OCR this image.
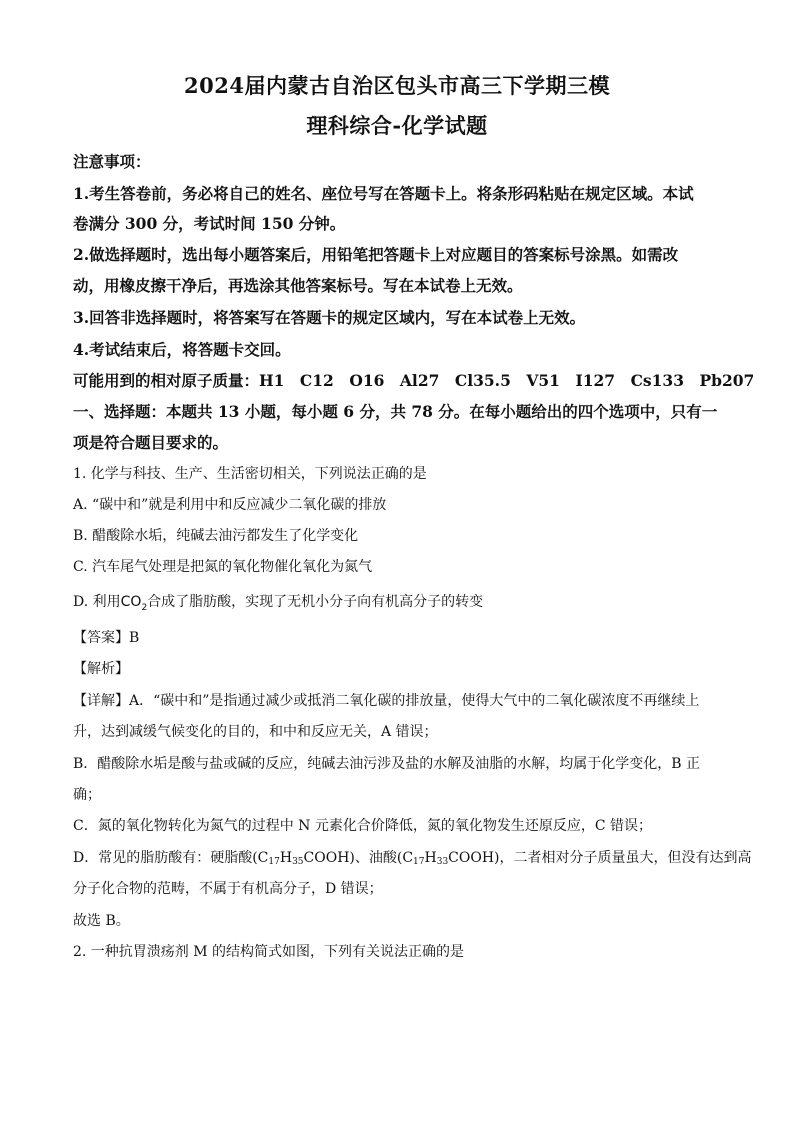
2024届内蒙古自治区包头市高三下学期三模
理科综合-化学试题
注意事项：
1.考生答卷前，务必将自己的姓名、座位号写在答题卡上。将条形码粘贴在规定区域。本试
卷满分 300 分，考试时间 150 分钟。
2.做选择题时，选出每小题答案后，用铅笔把答题卡上对应题目的答案标号涂黑。如需改
动，用橡皮擦干净后，再选涂其他答案标号。写在本试卷上无效。
3.回答非选择题时，将答案写在答题卡的规定区域内，写在本试卷上无效。
4.考试结束后，将答题卡交回。
可能用到的相对原子质量：H1　C12　O16　Al27　Cl35.5　V51　I127　Cs133　Pb207
一、选择题：本题共 13 小题，每小题 6 分，共 78 分。在每小题给出的四个选项中，只有一
项是符合题目要求的。
1. 化学与科技、生产、生活密切相关，下列说法正确的是
A. “碳中和”就是利用中和反应减少二氧化碳的排放
B. 醋酸除水垢，纯碱去油污都发生了化学变化
C. 汽车尾气处理是把氮的氧化物催化氧化为氮气
D. 利用$CO_2$合成了脂肪酸，实现了无机小分子向有机高分子的转变
【答案】B
【解析】
【详解】A．“碳中和”是指通过减少或抵消二氧化碳的排放量，使得大气中的二氧化碳浓度不再继续上
升，达到减缓气候变化的目的，和中和反应无关，A 错误；
B．醋酸除水垢是酸与盐或碱的反应，纯碱去油污涉及盐的水解及油脂的水解，均属于化学变化，B 正
确；
C．氮的氧化物转化为氮气的过程中 N 元素化合价降低，氮的氧化物发生还原反应，C 错误；
D．常见的脂肪酸有：硬脂酸$(C_{17}H_{35}COOH)$、油酸$(C_{17}H_{33}COOH)$，二者相对分子质量虽大，但没有达到高
分子化合物的范畴，不属于有机高分子，D 错误；
故选 B。
2. 一种抗胃溃疡剂 M 的结构简式如图，下列有关说法正确的是
